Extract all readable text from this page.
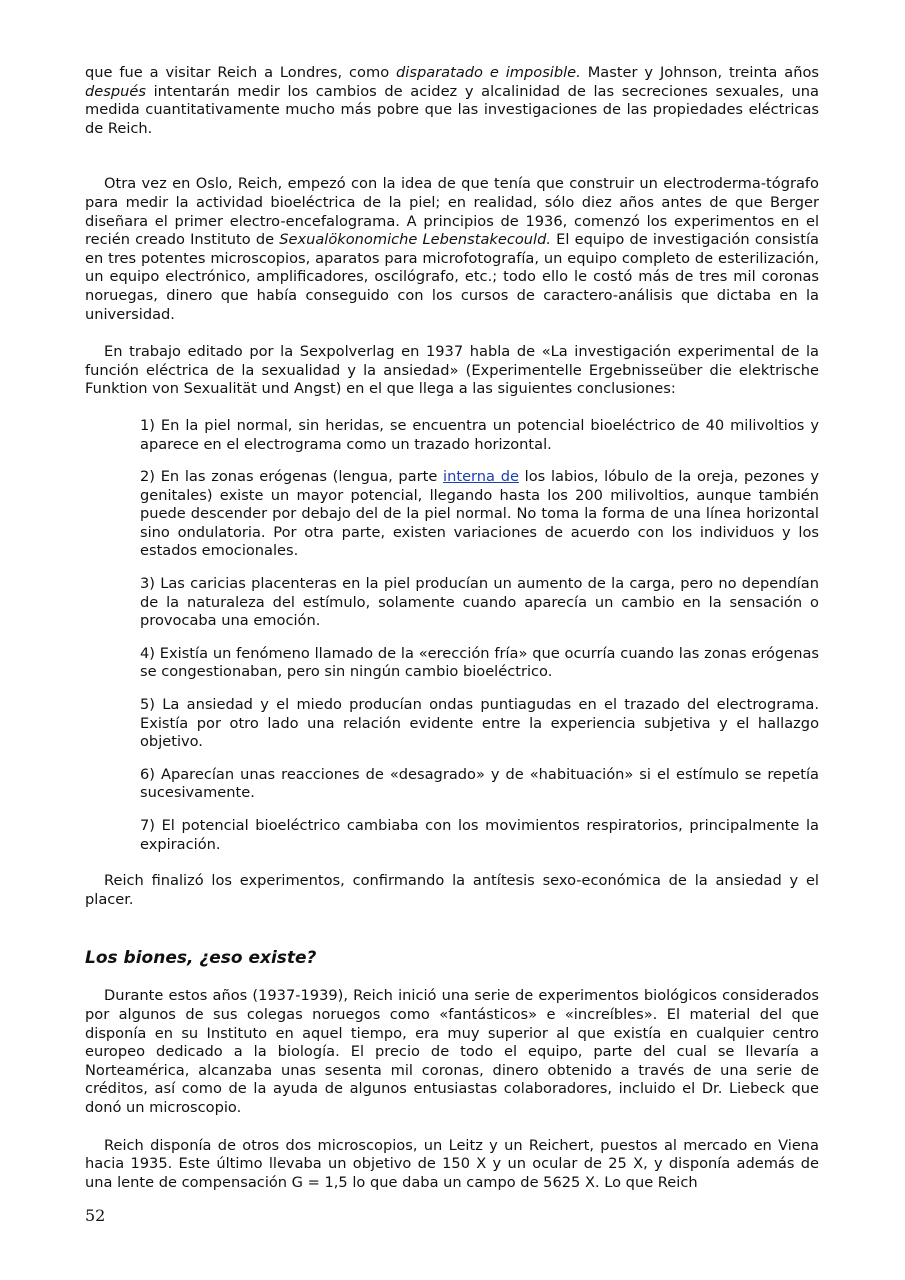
que fue a visitar Reich a Londres, como disparatado e imposible. Master y Johnson, treinta años después intentarán medir los cambios de acidez y alcalinidad de las secreciones sexuales, una medida cuantitativamente mucho más pobre que las investigaciones de las propiedades eléctricas de Reich.

Otra vez en Oslo, Reich, empezó con la idea de que tenía que construir un electroderma-tógrafo para medir la actividad bioeléctrica de la piel; en realidad, sólo diez años antes de que Berger diseñara el primer electro-encefalograma. A principios de 1936, comenzó los experimentos en el recién creado Instituto de Sexualökonomiche Lebenstakecould. El equipo de investigación consistía en tres potentes microscopios, aparatos para microfotografía, un equipo completo de esterilización, un equipo electrónico, amplificadores, oscilógrafo, etc.; todo ello le costó más de tres mil coronas noruegas, dinero que había conseguido con los cursos de caractero-análisis que dictaba en la universidad.

En trabajo editado por la Sexpolverlag en 1937 habla de «La investigación experimental de la función eléctrica de la sexualidad y la ansiedad» (Experimentelle Ergebnisseüber die elektrische Funktion von Sexualität und Angst) en el que llega a las siguientes conclusiones:

1) En la piel normal, sin heridas, se encuentra un potencial bioeléctrico de 40 milivoltios y aparece en el electrograma como un trazado horizontal.

2) En las zonas erógenas (lengua, parte interna de los labios, lóbulo de la oreja, pezones y genitales) existe un mayor potencial, llegando hasta los 200 milivoltios, aunque también puede descender por debajo del de la piel normal. No toma la forma de una línea horizontal sino ondulatoria. Por otra parte, existen variaciones de acuerdo con los individuos y los estados emocionales.

3) Las caricias placenteras en la piel producían un aumento de la carga, pero no dependían de la naturaleza del estímulo, solamente cuando aparecía un cambio en la sensación o provocaba una emoción.

4) Existía un fenómeno llamado de la «erección fría» que ocurría cuando las zonas erógenas se congestionaban, pero sin ningún cambio bioeléctrico.

5) La ansiedad y el miedo producían ondas puntiagudas en el trazado del electrograma. Existía por otro lado una relación evidente entre la experiencia subjetiva y el hallazgo objetivo.

6) Aparecían unas reacciones de «desagrado» y de «habituación» si el estímulo se repetía sucesivamente.

7) El potencial bioeléctrico cambiaba con los movimientos respiratorios, principalmente la expiración.

Reich finalizó los experimentos, confirmando la antítesis sexo-económica de la ansiedad y el placer.

Los biones, ¿eso existe?

Durante estos años (1937-1939), Reich inició una serie de experimentos biológicos considerados por algunos de sus colegas noruegos como «fantásticos» e «increíbles». El material del que disponía en su Instituto en aquel tiempo, era muy superior al que existía en cualquier centro europeo dedicado a la biología. El precio de todo el equipo, parte del cual se llevaría a Norteamérica, alcanzaba unas sesenta mil coronas, dinero obtenido a través de una serie de créditos, así como de la ayuda de algunos entusiastas colaboradores, incluido el Dr. Liebeck que donó un microscopio.

Reich disponía de otros dos microscopios, un Leitz y un Reichert, puestos al mercado en Viena hacia 1935. Este último llevaba un objetivo de 150 X y un ocular de 25 X, y disponía además de una lente de compensación G = 1,5 lo que daba un campo de 5625 X. Lo que Reich

52
